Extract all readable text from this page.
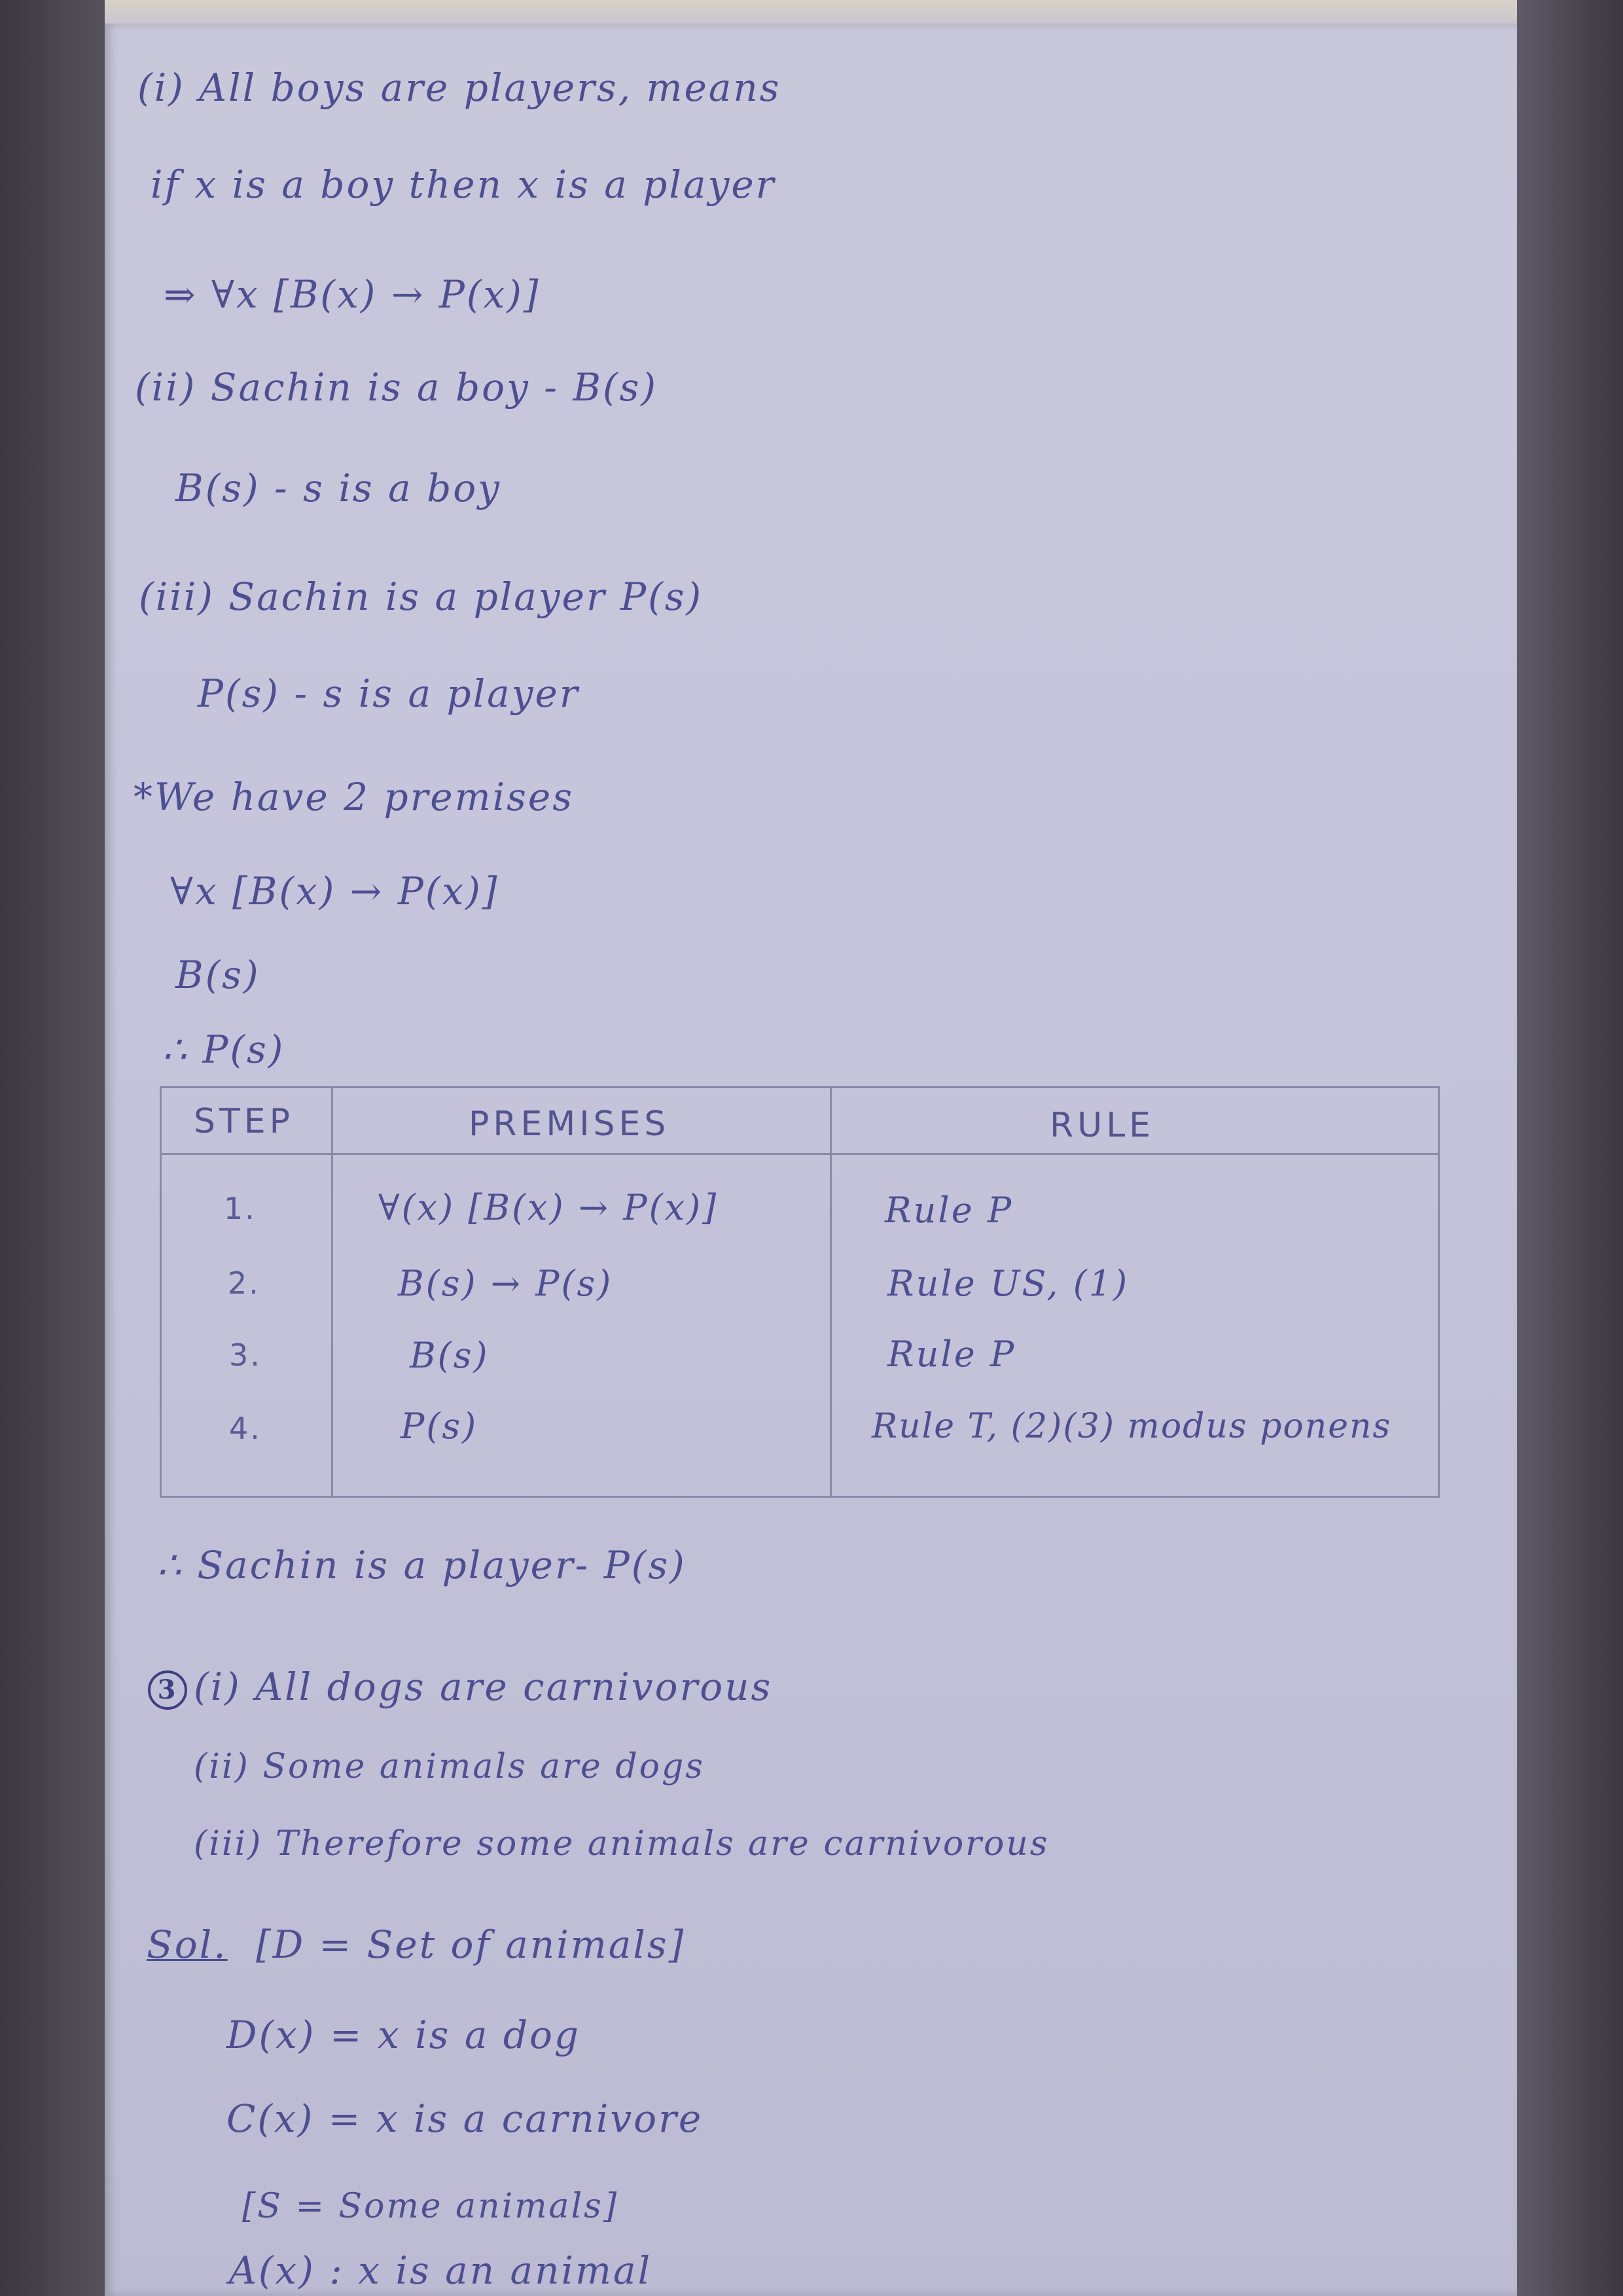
(i) All boys are players, means
if x is a boy then x is a player
⇒ ∀x [B(x) → P(x)]
(ii) Sachin is a boy - B(s)
B(s) - s is a boy
(iii) Sachin is a player P(s)
P(s) - s is a player
*We have 2 premises
∀x [B(x) → P(x)]
B(s)
∴ P(s)
STEP	PREMISES	RULE
1.	∀(x) [B(x) → P(x)]	Rule P
2.	B(s) → P(s)	Rule US, (1)
3.	B(s)	Rule P
4.	P(s)	Rule T, (2)(3) modus ponens
∴ Sachin is a player- P(s)
3 (i) All dogs are carnivorous
(ii) Some animals are dogs
(iii) Therefore some animals are carnivorous
Sol. [D = Set of animals]
D(x) = x is a dog
C(x) = x is a carnivore
[S = Some animals]
A(x) : x is an animal
